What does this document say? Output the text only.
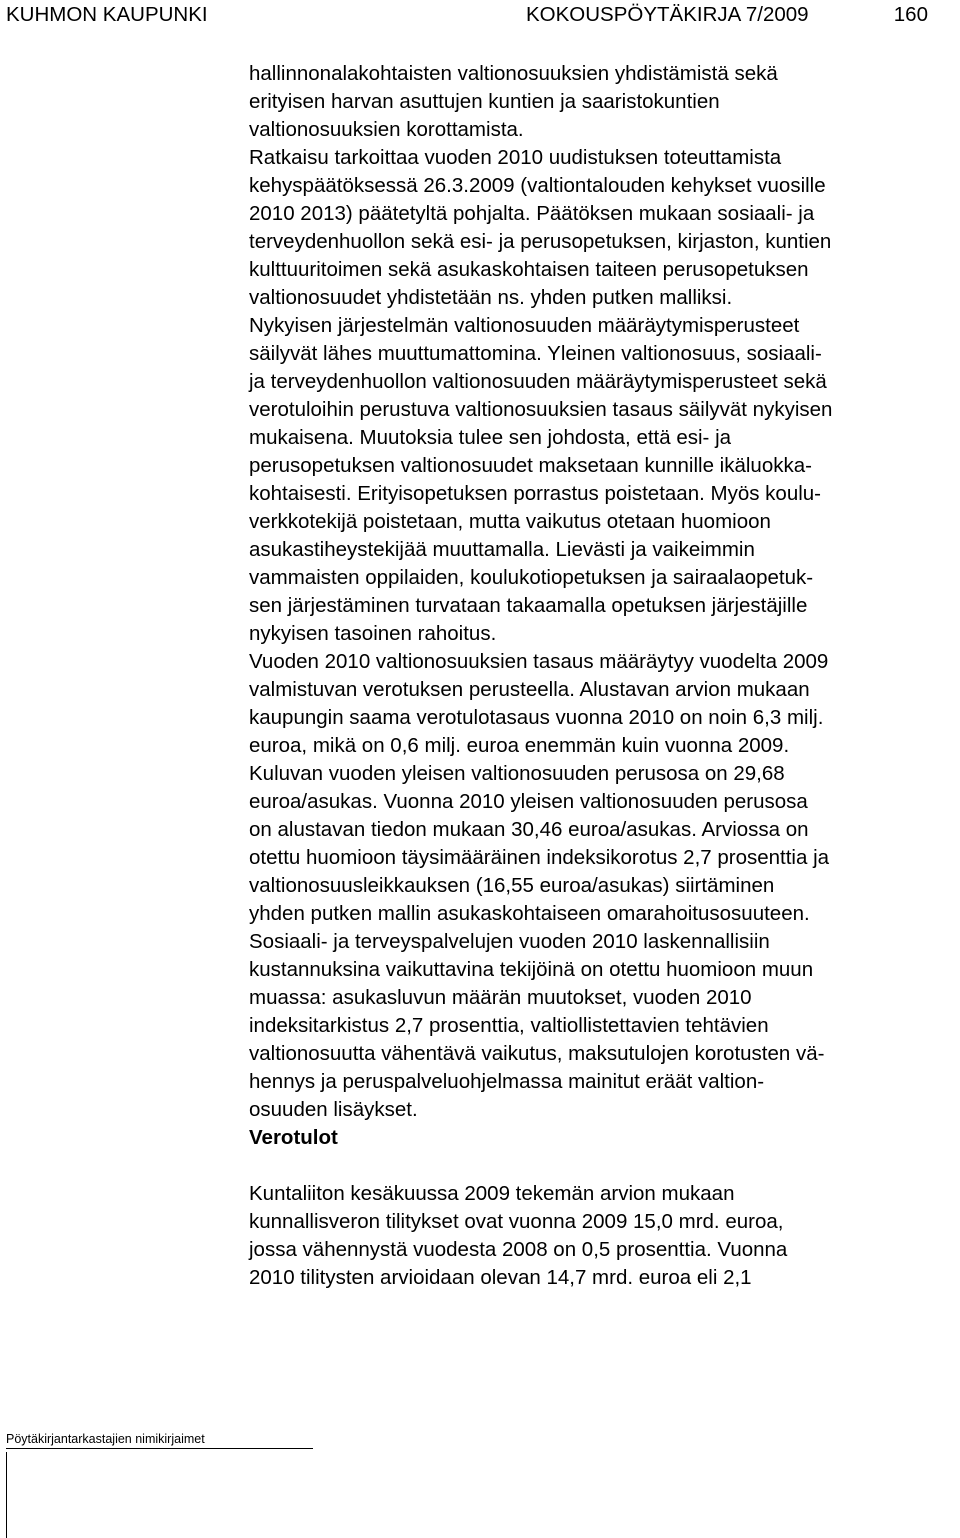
KUHMON KAUPUNKI	KOKOUSPÖYTÄKIRJA 7/2009	160

hallinnonalakohtaisten valtionosuuksien yhdistämistä sekä
erityisen harvan asuttujen kuntien ja saaristokuntien
valtionosuuksien korottamista.
Ratkaisu tarkoittaa vuoden 2010 uudistuksen toteuttamista
kehyspäätöksessä 26.3.2009 (valtiontalouden kehykset vuosille
2010 2013) päätetyltä pohjalta. Päätöksen mukaan sosiaali- ja
terveydenhuollon sekä esi- ja perusopetuksen, kirjaston, kuntien
kulttuuritoimen sekä asukaskohtaisen taiteen perusopetuksen
valtionosuudet yhdistetään ns. yhden putken malliksi.

Nykyisen järjestelmän valtionosuuden määräytymisperusteet
säilyvät lähes muuttumattomina. Yleinen valtionosuus, sosiaali-
ja terveydenhuollon valtionosuuden määräytymisperusteet sekä
verotuloihin perustuva valtionosuuksien tasaus säilyvät nykyisen
mukaisena. Muutoksia tulee sen johdosta, että esi- ja
perusopetuksen valtionosuudet maksetaan kunnille ikäluokka-
kohtaisesti. Erityisopetuksen porrastus poistetaan. Myös koulu-
verkkotekijä poistetaan, mutta vaikutus otetaan huomioon
asukastiheystekijää muuttamalla. Lievästi ja vaikeimmin
vammaisten oppilaiden, koulukotiopetuksen ja sairaalaopetuk-
sen järjestäminen turvataan takaamalla opetuksen järjestäjille
nykyisen tasoinen rahoitus.
Vuoden 2010 valtionosuuksien tasaus määräytyy vuodelta 2009
valmistuvan verotuksen perusteella. Alustavan arvion mukaan
kaupungin saama verotulotasaus vuonna 2010 on noin 6,3 milj.
euroa, mikä on 0,6 milj. euroa enemmän kuin vuonna 2009.

Kuluvan vuoden yleisen valtionosuuden perusosa on 29,68
euroa/asukas. Vuonna 2010 yleisen valtionosuuden perusosa
on alustavan tiedon mukaan 30,46 euroa/asukas. Arviossa on
otettu huomioon täysimääräinen indeksikorotus 2,7 prosenttia ja
valtionosuusleikkauksen (16,55 euroa/asukas) siirtäminen
yhden putken mallin asukaskohtaiseen omarahoitusosuuteen.

Sosiaali- ja terveyspalvelujen vuoden 2010 laskennallisiin
kustannuksina vaikuttavina tekijöinä on otettu huomioon muun
muassa: asukasluvun määrän muutokset, vuoden 2010
indeksitarkistus 2,7 prosenttia, valtiollistettavien tehtävien
valtionosuutta vähentävä vaikutus, maksutulojen korotusten vä-
hennys ja peruspalveluohjelmassa mainitut eräät valtion-
osuuden lisäykset.

Verotulot

Kuntaliiton kesäkuussa 2009 tekemän arvion mukaan
kunnallisveron tilitykset ovat vuonna 2009 15,0 mrd. euroa,
jossa vähennystä vuodesta 2008 on 0,5 prosenttia. Vuonna
2010 tilitysten arvioidaan olevan 14,7 mrd. euroa eli 2,1

Pöytäkirjantarkastajien nimikirjaimet
